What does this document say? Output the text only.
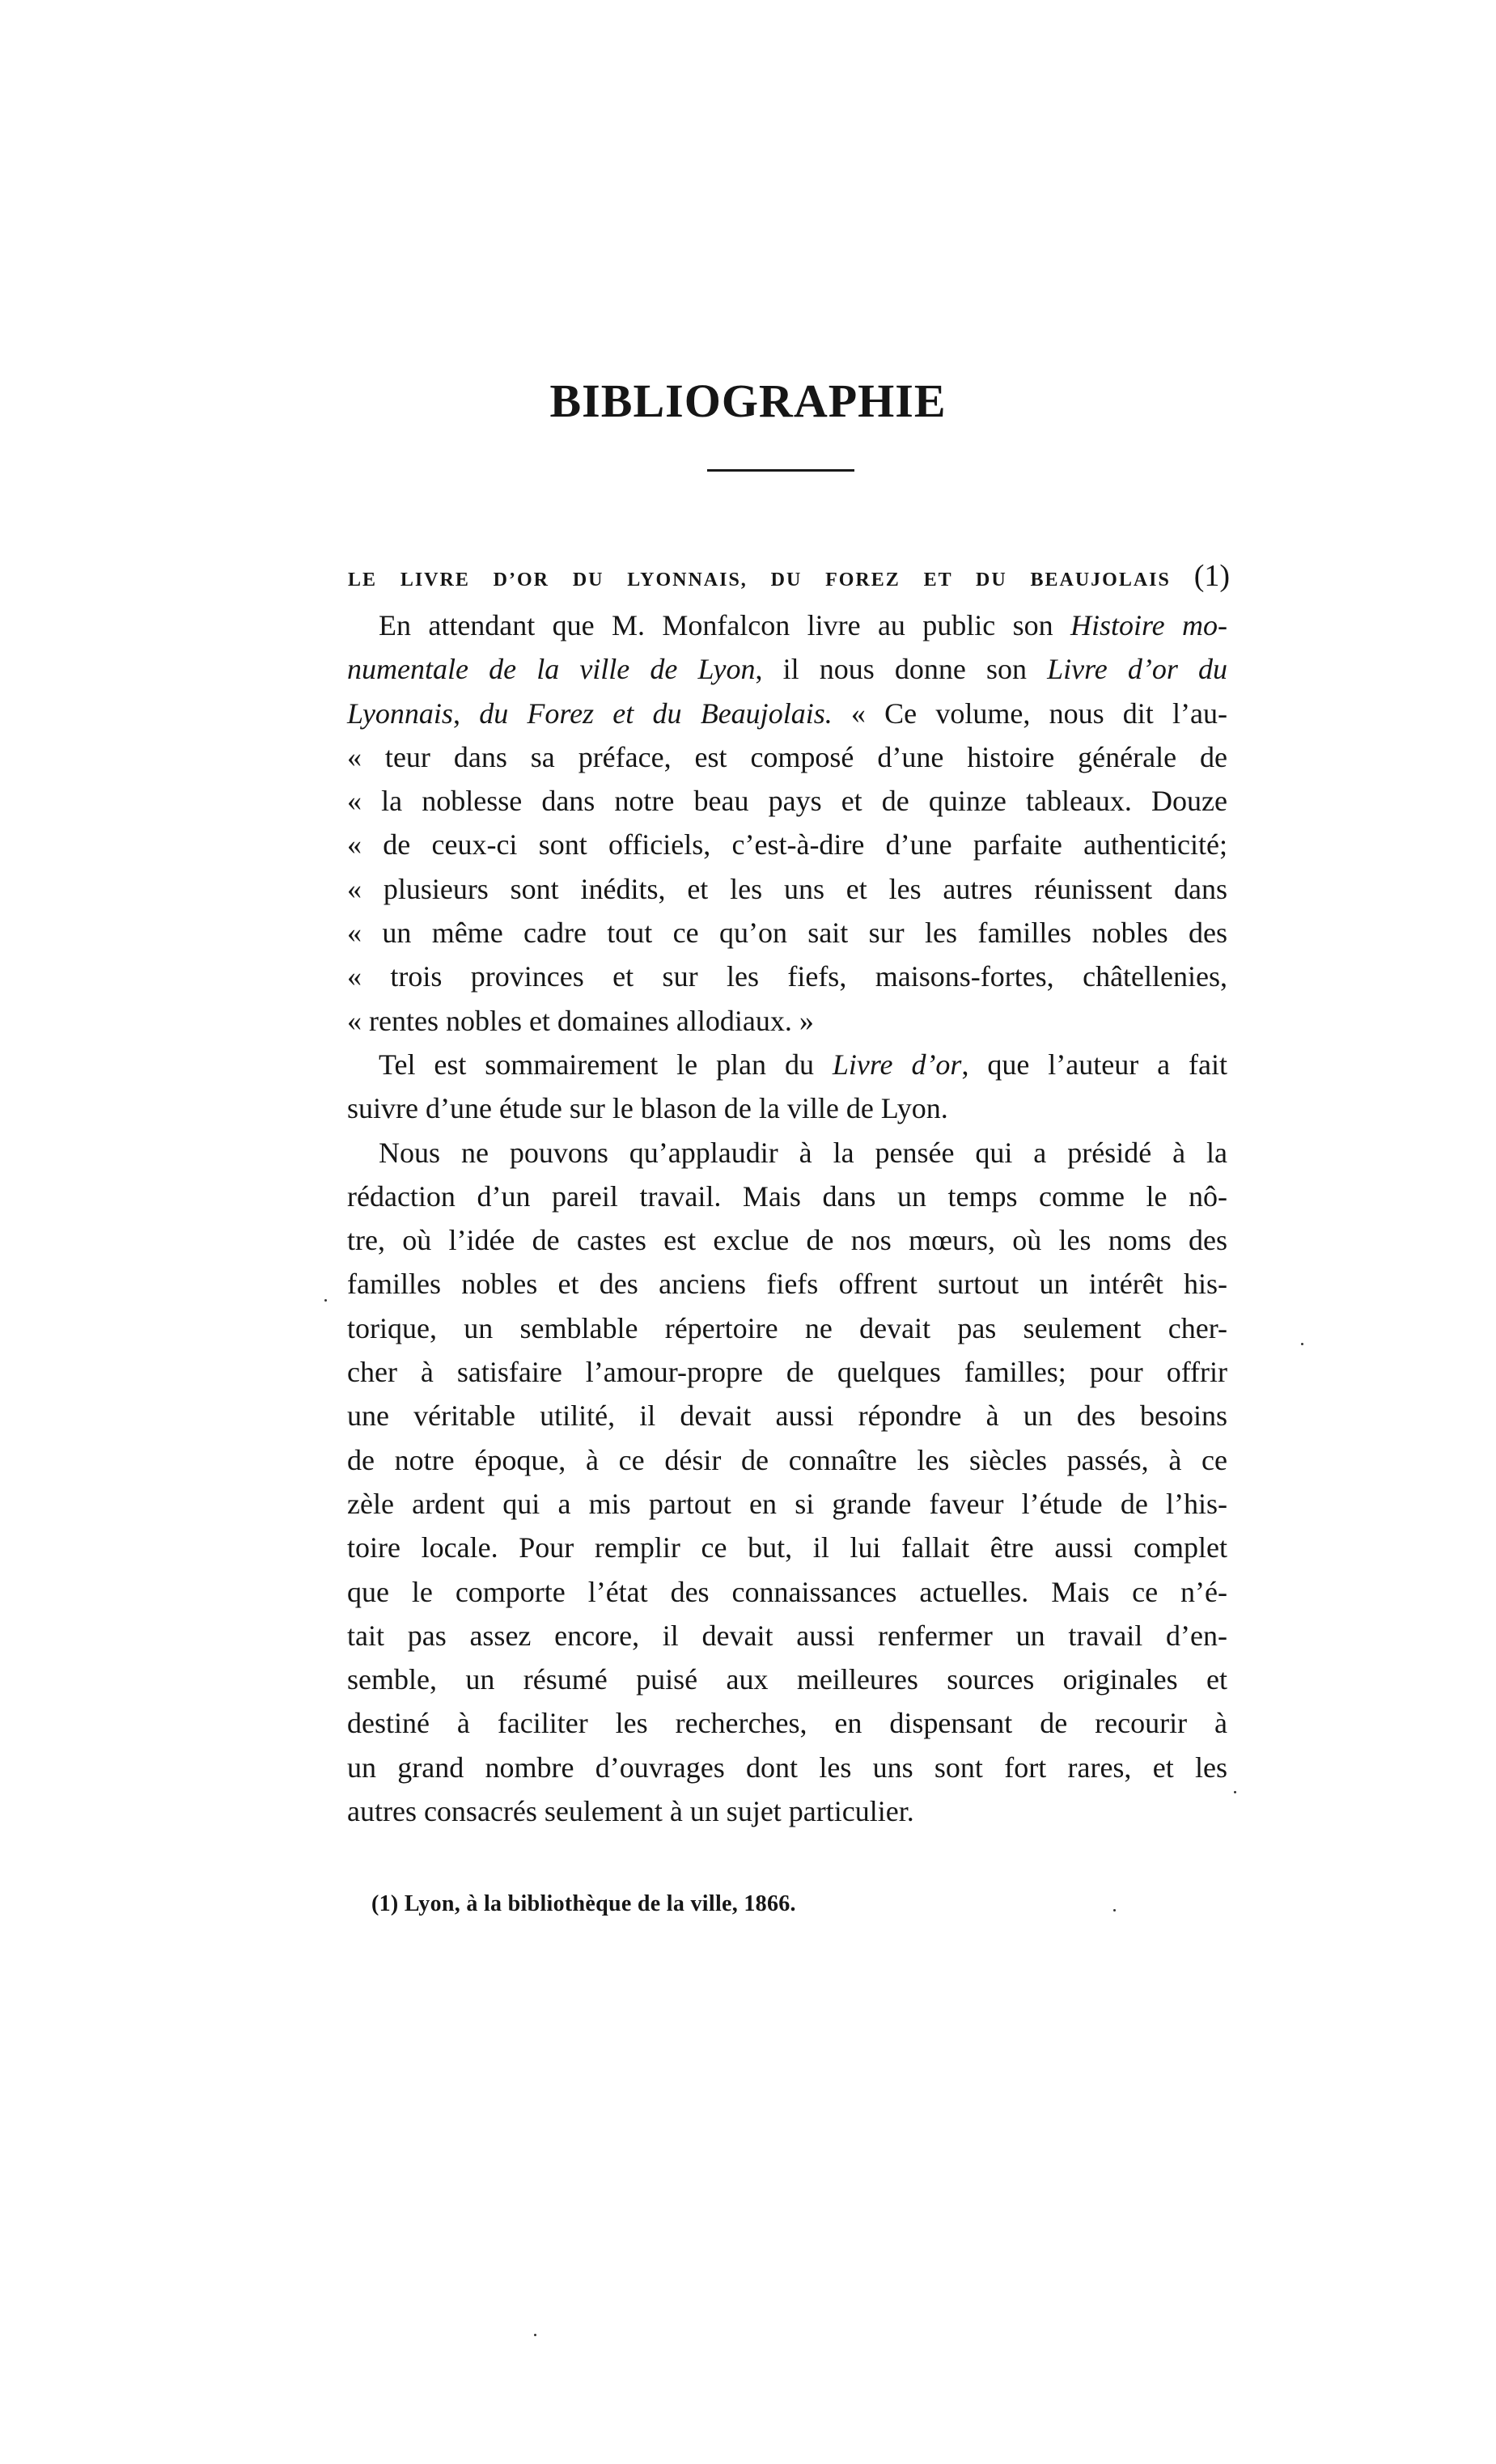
BIBLIOGRAPHIE
LE LIVRE D’OR DU LYONNAIS, DU FOREZ ET DU BEAUJOLAIS (1)
En attendant que M. Monfalcon livre au public son Histoire mo-
numentale de la ville de Lyon, il nous donne son Livre d’or du
Lyonnais, du Forez et du Beaujolais. « Ce volume, nous dit l’au-
« teur dans sa préface, est composé d’une histoire générale de
« la noblesse dans notre beau pays et de quinze tableaux. Douze
« de ceux-ci sont officiels, c’est-à-dire d’une parfaite authenticité;
« plusieurs sont inédits, et les uns et les autres réunissent dans
« un même cadre tout ce qu’on sait sur les familles nobles des
« trois provinces et sur les fiefs, maisons-fortes, châtellenies,
« rentes nobles et domaines allodiaux. »
Tel est sommairement le plan du Livre d’or, que l’auteur a fait
suivre d’une étude sur le blason de la ville de Lyon.
Nous ne pouvons qu’applaudir à la pensée qui a présidé à la
rédaction d’un pareil travail. Mais dans un temps comme le nô-
tre, où l’idée de castes est exclue de nos mœurs, où les noms des
familles nobles et des anciens fiefs offrent surtout un intérêt his-
torique, un semblable répertoire ne devait pas seulement cher-
cher à satisfaire l’amour-propre de quelques familles; pour offrir
une véritable utilité, il devait aussi répondre à un des besoins
de notre époque, à ce désir de connaître les siècles passés, à ce
zèle ardent qui a mis partout en si grande faveur l’étude de l’his-
toire locale. Pour remplir ce but, il lui fallait être aussi complet
que le comporte l’état des connaissances actuelles. Mais ce n’é-
tait pas assez encore, il devait aussi renfermer un travail d’en-
semble, un résumé puisé aux meilleures sources originales et
destiné à faciliter les recherches, en dispensant de recourir à
un grand nombre d’ouvrages dont les uns sont fort rares, et les
autres consacrés seulement à un sujet particulier.

(1) Lyon, à la bibliothèque de la ville, 1866.
